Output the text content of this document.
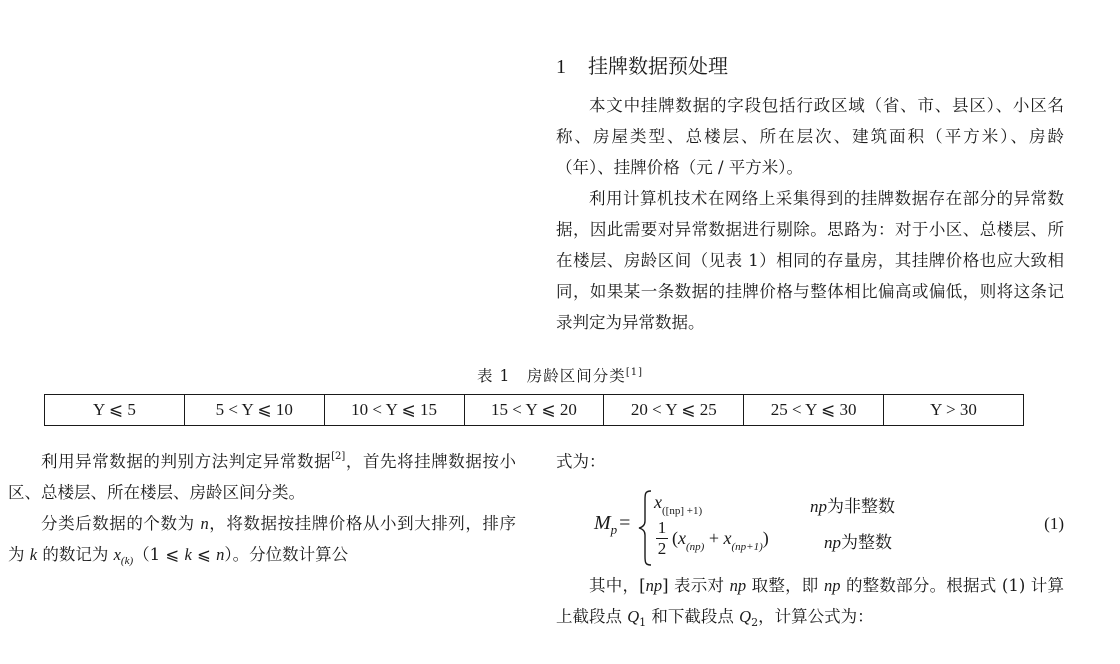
1 挂牌数据预处理

本文中挂牌数据的字段包括行政区域（省、市、县区）、小区名称、房屋类型、总楼层、所在层次、建筑面积（平方米）、房龄（年）、挂牌价格（元 / 平方米）。

利用计算机技术在网络上采集得到的挂牌数据存在部分的异常数据，因此需要对异常数据进行剔除。思路为：对于小区、总楼层、所在楼层、房龄区间（见表 1）相同的存量房，其挂牌价格也应大致相同，如果某一条数据的挂牌价格与整体相比偏高或偏低，则将这条记录判定为异常数据。

表 1　房龄区间分类[1]

Y ⩽ 5	5 < Y ⩽ 10	10 < Y ⩽ 15	15 < Y ⩽ 20	20 < Y ⩽ 25	25 < Y ⩽ 30	Y > 30

利用异常数据的判别方法判定异常数据[2]，首先将挂牌数据按小区、总楼层、所在楼层、房龄区间分类。

分类后数据的个数为 n，将数据按挂牌价格从小到大排列，排序为 k 的数记为 $x_{(k)}(1$ ⩽ k ⩽ n）。分位数计算公

式为：

$M_p$ =
$x_{([np] +1)}$	np为非整数
$\frac{1}{2} (x_{(np)} + x_{(np+1)})$	np为整数
(1)

其中，[np] 表示对 np 取整，即 np 的整数部分。根据式 (1) 计算上截段点 $Q_1$ 和下截段点 $Q_2$，计算公式为：
